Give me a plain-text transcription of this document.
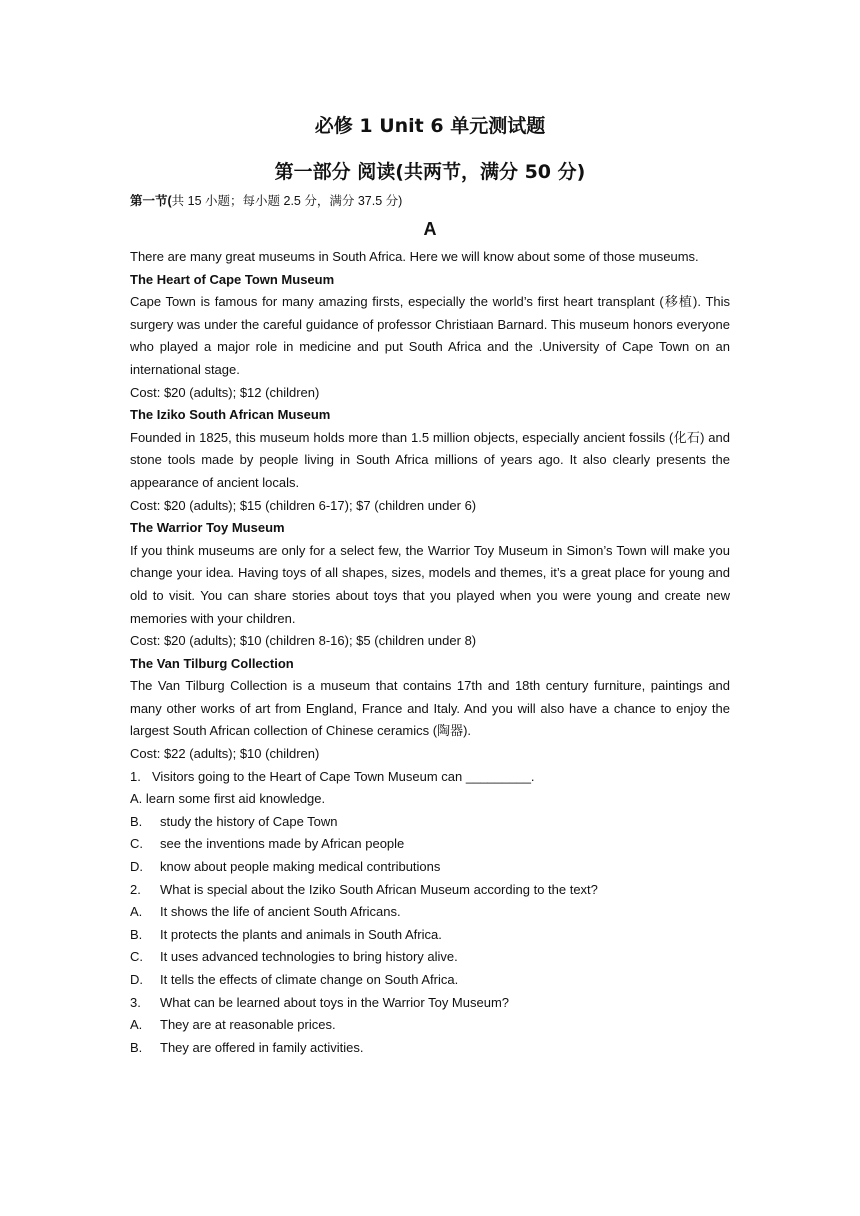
必修 1 Unit 6 单元测试题
第一部分 阅读(共两节，满分 50 分)
第一节(共 15 小题；每小题 2.5 分，满分 37.5 分)
A

There are many great museums in South Africa. Here we will know about some of those museums.

The Heart of Cape Town Museum

Cape Town is famous for many amazing firsts, especially the world’s first heart transplant (移植). This surgery was under the careful guidance of professor Christiaan Barnard. This museum honors everyone who played a major role in medicine and put South Africa and the .University of Cape Town on an international stage.

Cost: $20 (adults); $12 (children)

The Iziko South African Museum

Founded in 1825, this museum holds more than 1.5 million objects, especially ancient fossils (化石) and stone tools made by people living in South Africa millions of years ago. It also clearly presents the appearance of ancient locals.

Cost: $20 (adults); $15 (children 6-17); $7 (children under 6)

The Warrior Toy Museum

If you think museums are only for a select few, the Warrior Toy Museum in Simon’s Town will make you change your idea. Having toys of all shapes, sizes, models and themes, it’s a great place for young and old to visit. You can share stories about toys that you played when you were young and create new memories with your children.

Cost: $20 (adults); $10 (children 8-16); $5 (children under 8)

The Van Tilburg Collection

The Van Tilburg Collection is a museum that contains 17th and 18th century furniture, paintings and many other works of art from England, France and Italy. And you will also have a chance to enjoy the largest South African collection of Chinese ceramics (陶器).

Cost: $22 (adults); $10 (children)

1. Visitors going to the Heart of Cape Town Museum can _________.
A.
learn some first aid knowledge.
B.	study the history of Cape Town
C.	see the inventions made by African people
D.	know about people making medical contributions
2.	What is special about the Iziko South African Museum according to the text?
A.	It shows the life of ancient South Africans.
B.	It protects the plants and animals in South Africa.
C.	It uses advanced technologies to bring history alive.
D.	It tells the effects of climate change on South Africa.
3.	What can be learned about toys in the Warrior Toy Museum?
A.	They are at reasonable prices.
B.	They are offered in family activities.
